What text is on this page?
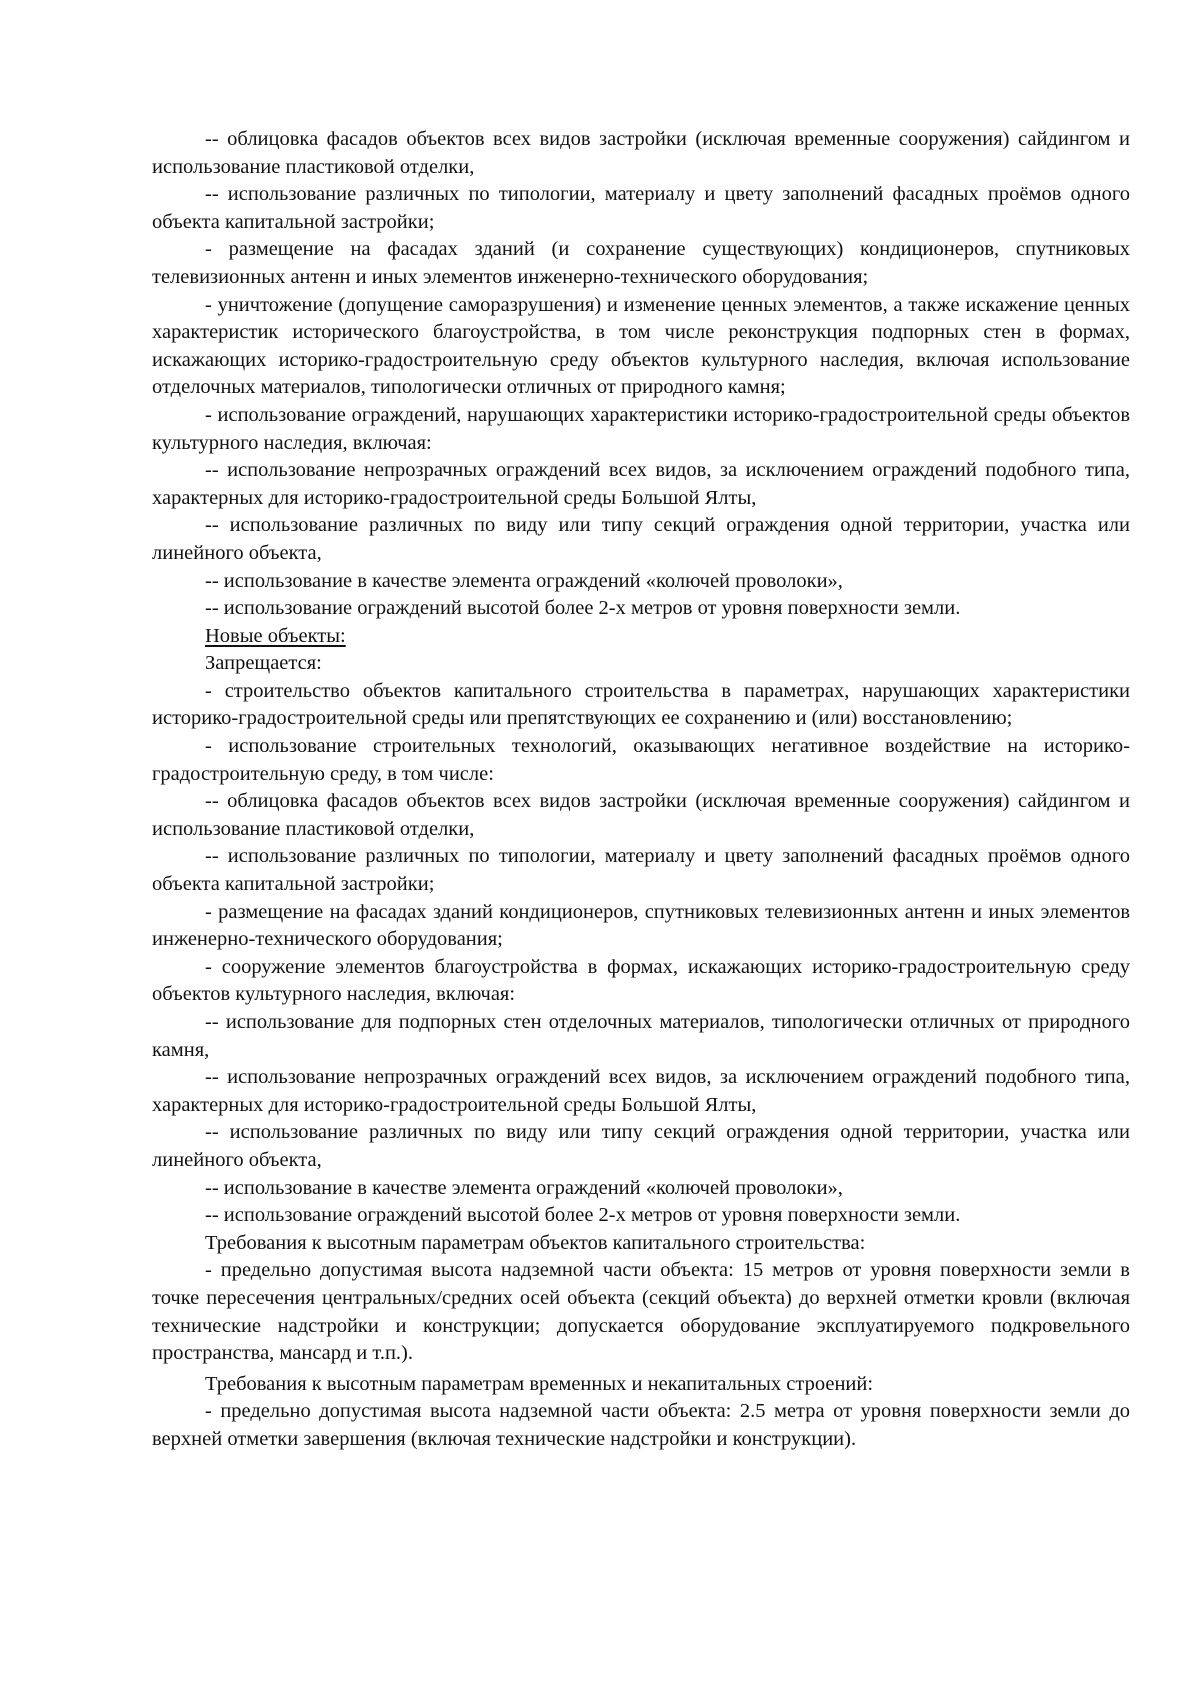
-- облицовка фасадов объектов всех видов застройки (исключая временные сооружения) сайдингом и использование пластиковой отделки,

-- использование различных по типологии, материалу и цвету заполнений фасадных проёмов одного объекта капитальной застройки;

- размещение на фасадах зданий (и сохранение существующих) кондиционеров, спутниковых телевизионных антенн и иных элементов инженерно-технического оборудования;

- уничтожение (допущение саморазрушения) и изменение ценных элементов, а также искажение ценных характеристик исторического благоустройства, в том числе реконструкция подпорных стен в формах, искажающих историко-градостроительную среду объектов культурного наследия, включая использование отделочных материалов, типологически отличных от природного камня;

- использование ограждений, нарушающих характеристики историко-градостроительной среды объектов культурного наследия, включая:

-- использование непрозрачных ограждений всех видов, за исключением ограждений подобного типа, характерных для историко-градостроительной среды Большой Ялты,

-- использование различных по виду или типу секций ограждения одной территории, участка или линейного объекта,

-- использование в качестве элемента ограждений «колючей проволоки»,

-- использование ограждений высотой более 2-х метров от уровня поверхности земли.

Новые объекты:

Запрещается:

- строительство объектов капитального строительства в параметрах, нарушающих характеристики историко-градостроительной среды или препятствующих ее сохранению и (или) восстановлению;

- использование строительных технологий, оказывающих негативное воздействие на историко-градостроительную среду, в том числе:

-- облицовка фасадов объектов всех видов застройки (исключая временные сооружения) сайдингом и использование пластиковой отделки,

-- использование различных по типологии, материалу и цвету заполнений фасадных проёмов одного объекта капитальной застройки;

- размещение на фасадах зданий кондиционеров, спутниковых телевизионных антенн и иных элементов инженерно-технического оборудования;

- сооружение элементов благоустройства в формах, искажающих историко-градостроительную среду объектов культурного наследия, включая:

-- использование для подпорных стен отделочных материалов, типологически отличных от природного камня,

-- использование непрозрачных ограждений всех видов, за исключением ограждений подобного типа, характерных для историко-градостроительной среды Большой Ялты,

-- использование различных по виду или типу секций ограждения одной территории, участка или линейного объекта,

-- использование в качестве элемента ограждений «колючей проволоки»,

-- использование ограждений высотой более 2-х метров от уровня поверхности земли.

Требования к высотным параметрам объектов капитального строительства:

- предельно допустимая высота надземной части объекта: 15 метров от уровня поверхности земли в точке пересечения центральных/средних осей объекта (секций объекта) до верхней отметки кровли (включая технические надстройки и конструкции; допускается оборудование эксплуатируемого подкровельного пространства, мансард и т.п.).

Требования к высотным параметрам временных и некапитальных строений:

- предельно допустимая высота надземной части объекта: 2.5 метра от уровня поверхности земли до верхней отметки завершения (включая технические надстройки и конструкции).
